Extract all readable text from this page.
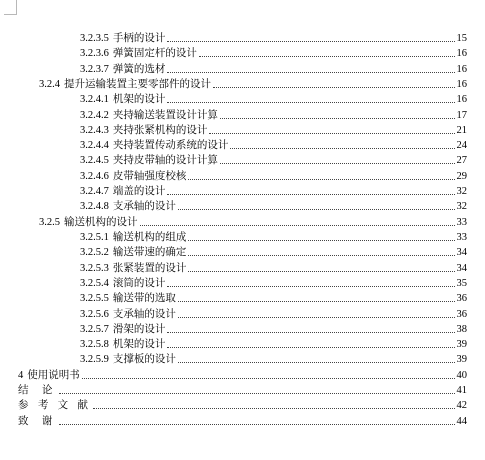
3.2.3.5 手柄的设计	15
3.2.3.6 弹簧固定杆的设计	16
3.2.3.7 弹簧的选材	16
3.2.4 提升运输装置主要零部件的设计	16
3.2.4.1 机架的设计	16
3.2.4.2 夹持输送装置设计计算	17
3.2.4.3 夹持张紧机构的设计	21
3.2.4.4 夹持装置传动系统的设计	24
3.2.4.5 夹持皮带轴的设计计算	27
3.2.4.6 皮带轴强度校核	29
3.2.4.7 端盖的设计	32
3.2.4.8 支承轴的设计	32
3.2.5 输送机构的设计	33
3.2.5.1 输送机构的组成	33
3.2.5.2 输送带速的确定	34
3.2.5.3 张紧装置的设计	34
3.2.5.4 滚筒的设计	35
3.2.5.5 输送带的选取	36
3.2.5.6 支承轴的设计	36
3.2.5.7 滑架的设计	38
3.2.5.8 机架的设计	39
3.2.5.9 支撑板的设计	39
4 使用说明书	40
结 论	41
参 考 文 献	42
致 谢	44
